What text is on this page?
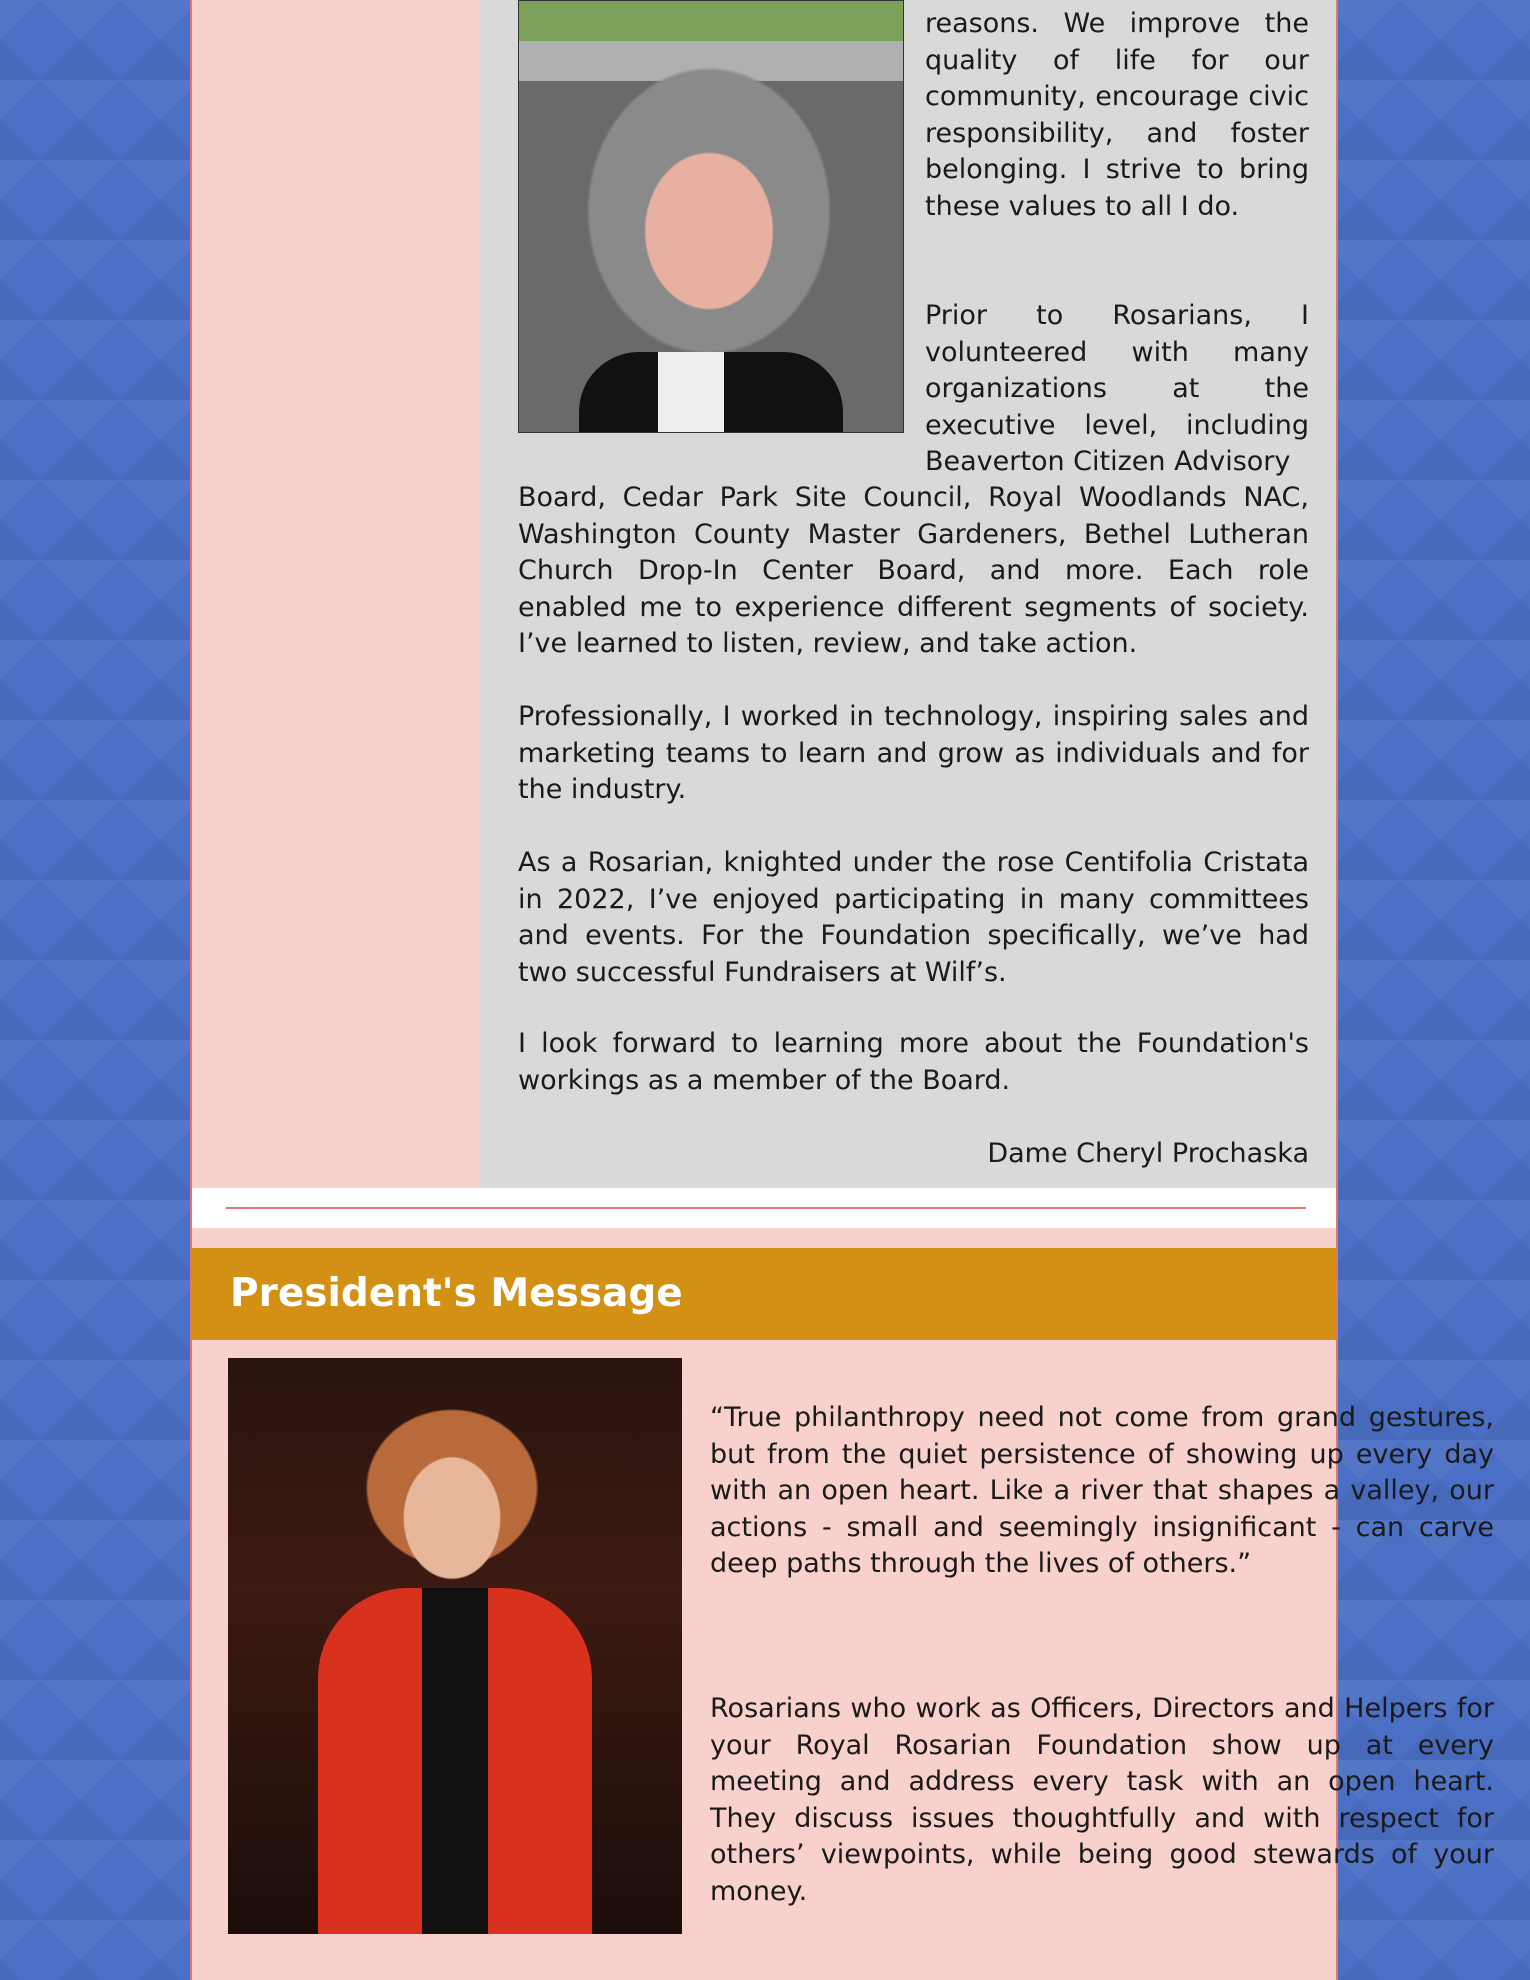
reasons. We improve the quality of life for our community, encourage civic responsibility, and foster belonging. I strive to bring these values to all I do.

Prior to Rosarians, I volunteered with many organizations at the executive level, including Beaverton Citizen Advisory

Board, Cedar Park Site Council, Royal Woodlands NAC, Washington County Master Gardeners, Bethel Lutheran Church Drop-In Center Board, and more. Each role enabled me to experience different segments of society. I’ve learned to listen, review, and take action.

Professionally, I worked in technology, inspiring sales and marketing teams to learn and grow as individuals and for the industry.

As a Rosarian, knighted under the rose Centifolia Cristata in 2022, I’ve enjoyed participating in many committees and events. For the Foundation specifically, we’ve had two successful Fundraisers at Wilf’s.

I look forward to learning more about the Foundation's workings as a member of the Board.

Dame Cheryl Prochaska
President's Message

“True philanthropy need not come from grand gestures, but from the quiet persistence of showing up every day with an open heart. Like a river that shapes a valley, our actions - small and seemingly insignificant - can carve deep paths through the lives of others.”

Rosarians who work as Officers, Directors and Helpers for your Royal Rosarian Foundation show up at every meeting and address every task with an open heart. They discuss issues thoughtfully and with respect for others’ viewpoints, while being good stewards of your money.
